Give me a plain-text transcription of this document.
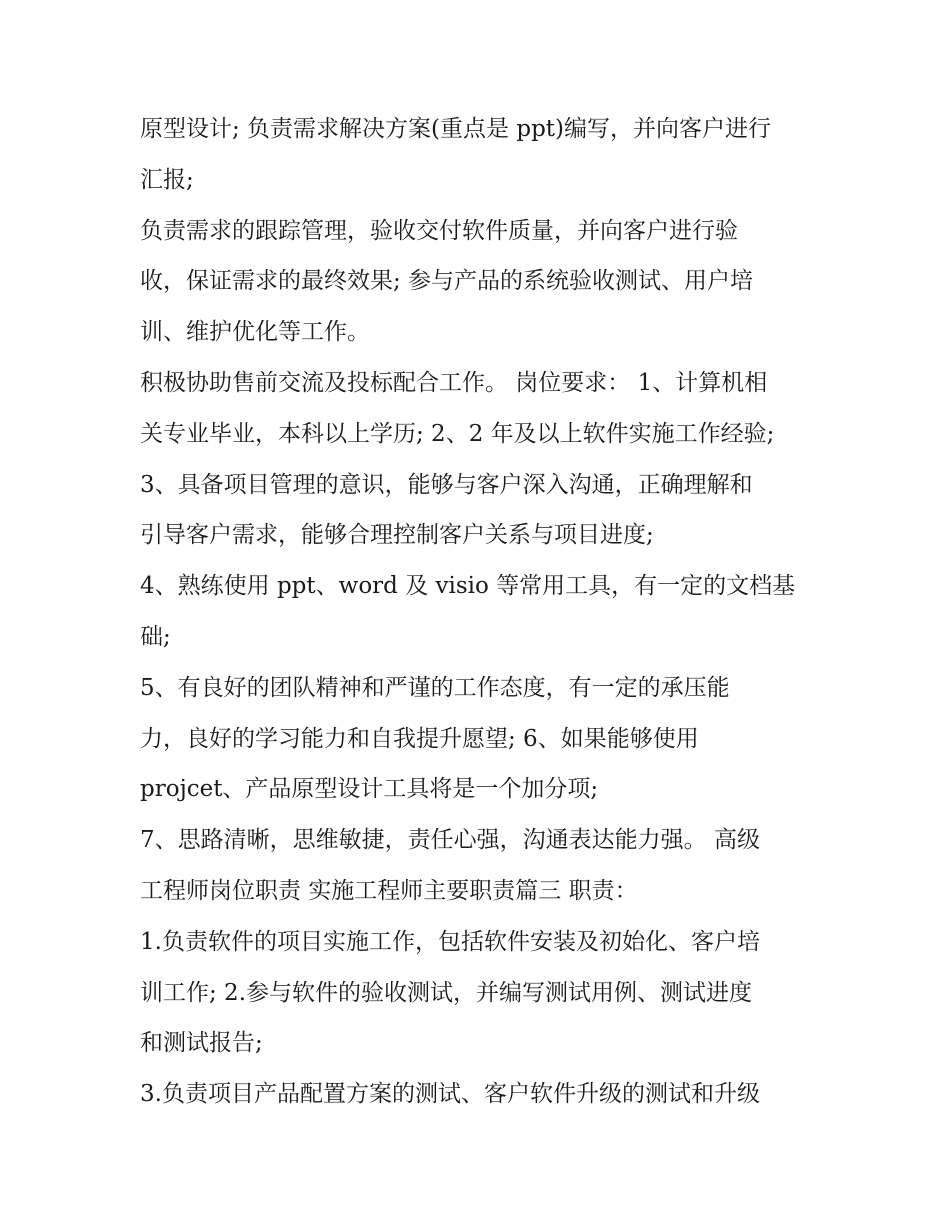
原型设计; 负责需求解决方案(重点是 ppt)编写，并向客户进行
汇报;
负责需求的跟踪管理，验收交付软件质量，并向客户进行验
收，保证需求的最终效果; 参与产品的系统验收测试、用户培
训、维护优化等工作。
积极协助售前交流及投标配合工作。 岗位要求： 1、计算机相
关专业毕业，本科以上学历; 2、2 年及以上软件实施工作经验;
3、具备项目管理的意识，能够与客户深入沟通，正确理解和
引导客户需求，能够合理控制客户关系与项目进度;
4、熟练使用 ppt、word 及 visio 等常用工具，有一定的文档基
础;
5、有良好的团队精神和严谨的工作态度，有一定的承压能
力，良好的学习能力和自我提升愿望; 6、如果能够使用
projcet、产品原型设计工具将是一个加分项;
7、思路清晰，思维敏捷，责任心强，沟通表达能力强。 高级
工程师岗位职责 实施工程师主要职责篇三 职责：
1.负责软件的项目实施工作，包括软件安装及初始化、客户培
训工作; 2.参与软件的验收测试，并编写测试用例、测试进度
和测试报告;
3.负责项目产品配置方案的测试、客户软件升级的测试和升级
